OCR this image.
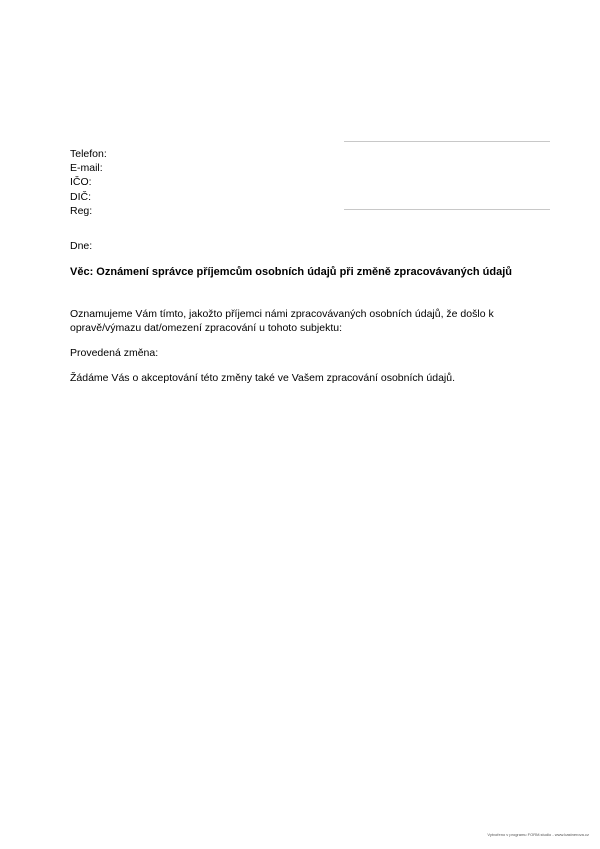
Telefon:
E-mail:
IČO:
DIČ:
Reg:
Dne:
Věc: Oznámení správce příjemcům osobních údajů při změně zpracovávaných údajů
Oznamujeme Vám tímto, jakožto příjemci námi zpracovávaných osobních údajů, že došlo k opravě/výmazu dat/omezení zpracování u tohoto subjektu:
Provedená změna:
Žádáme Vás o akceptování této změny také ve Vašem zpracování osobních údajů.
Vytvořeno v programu FORM.studio - www.kastnerova.cz
